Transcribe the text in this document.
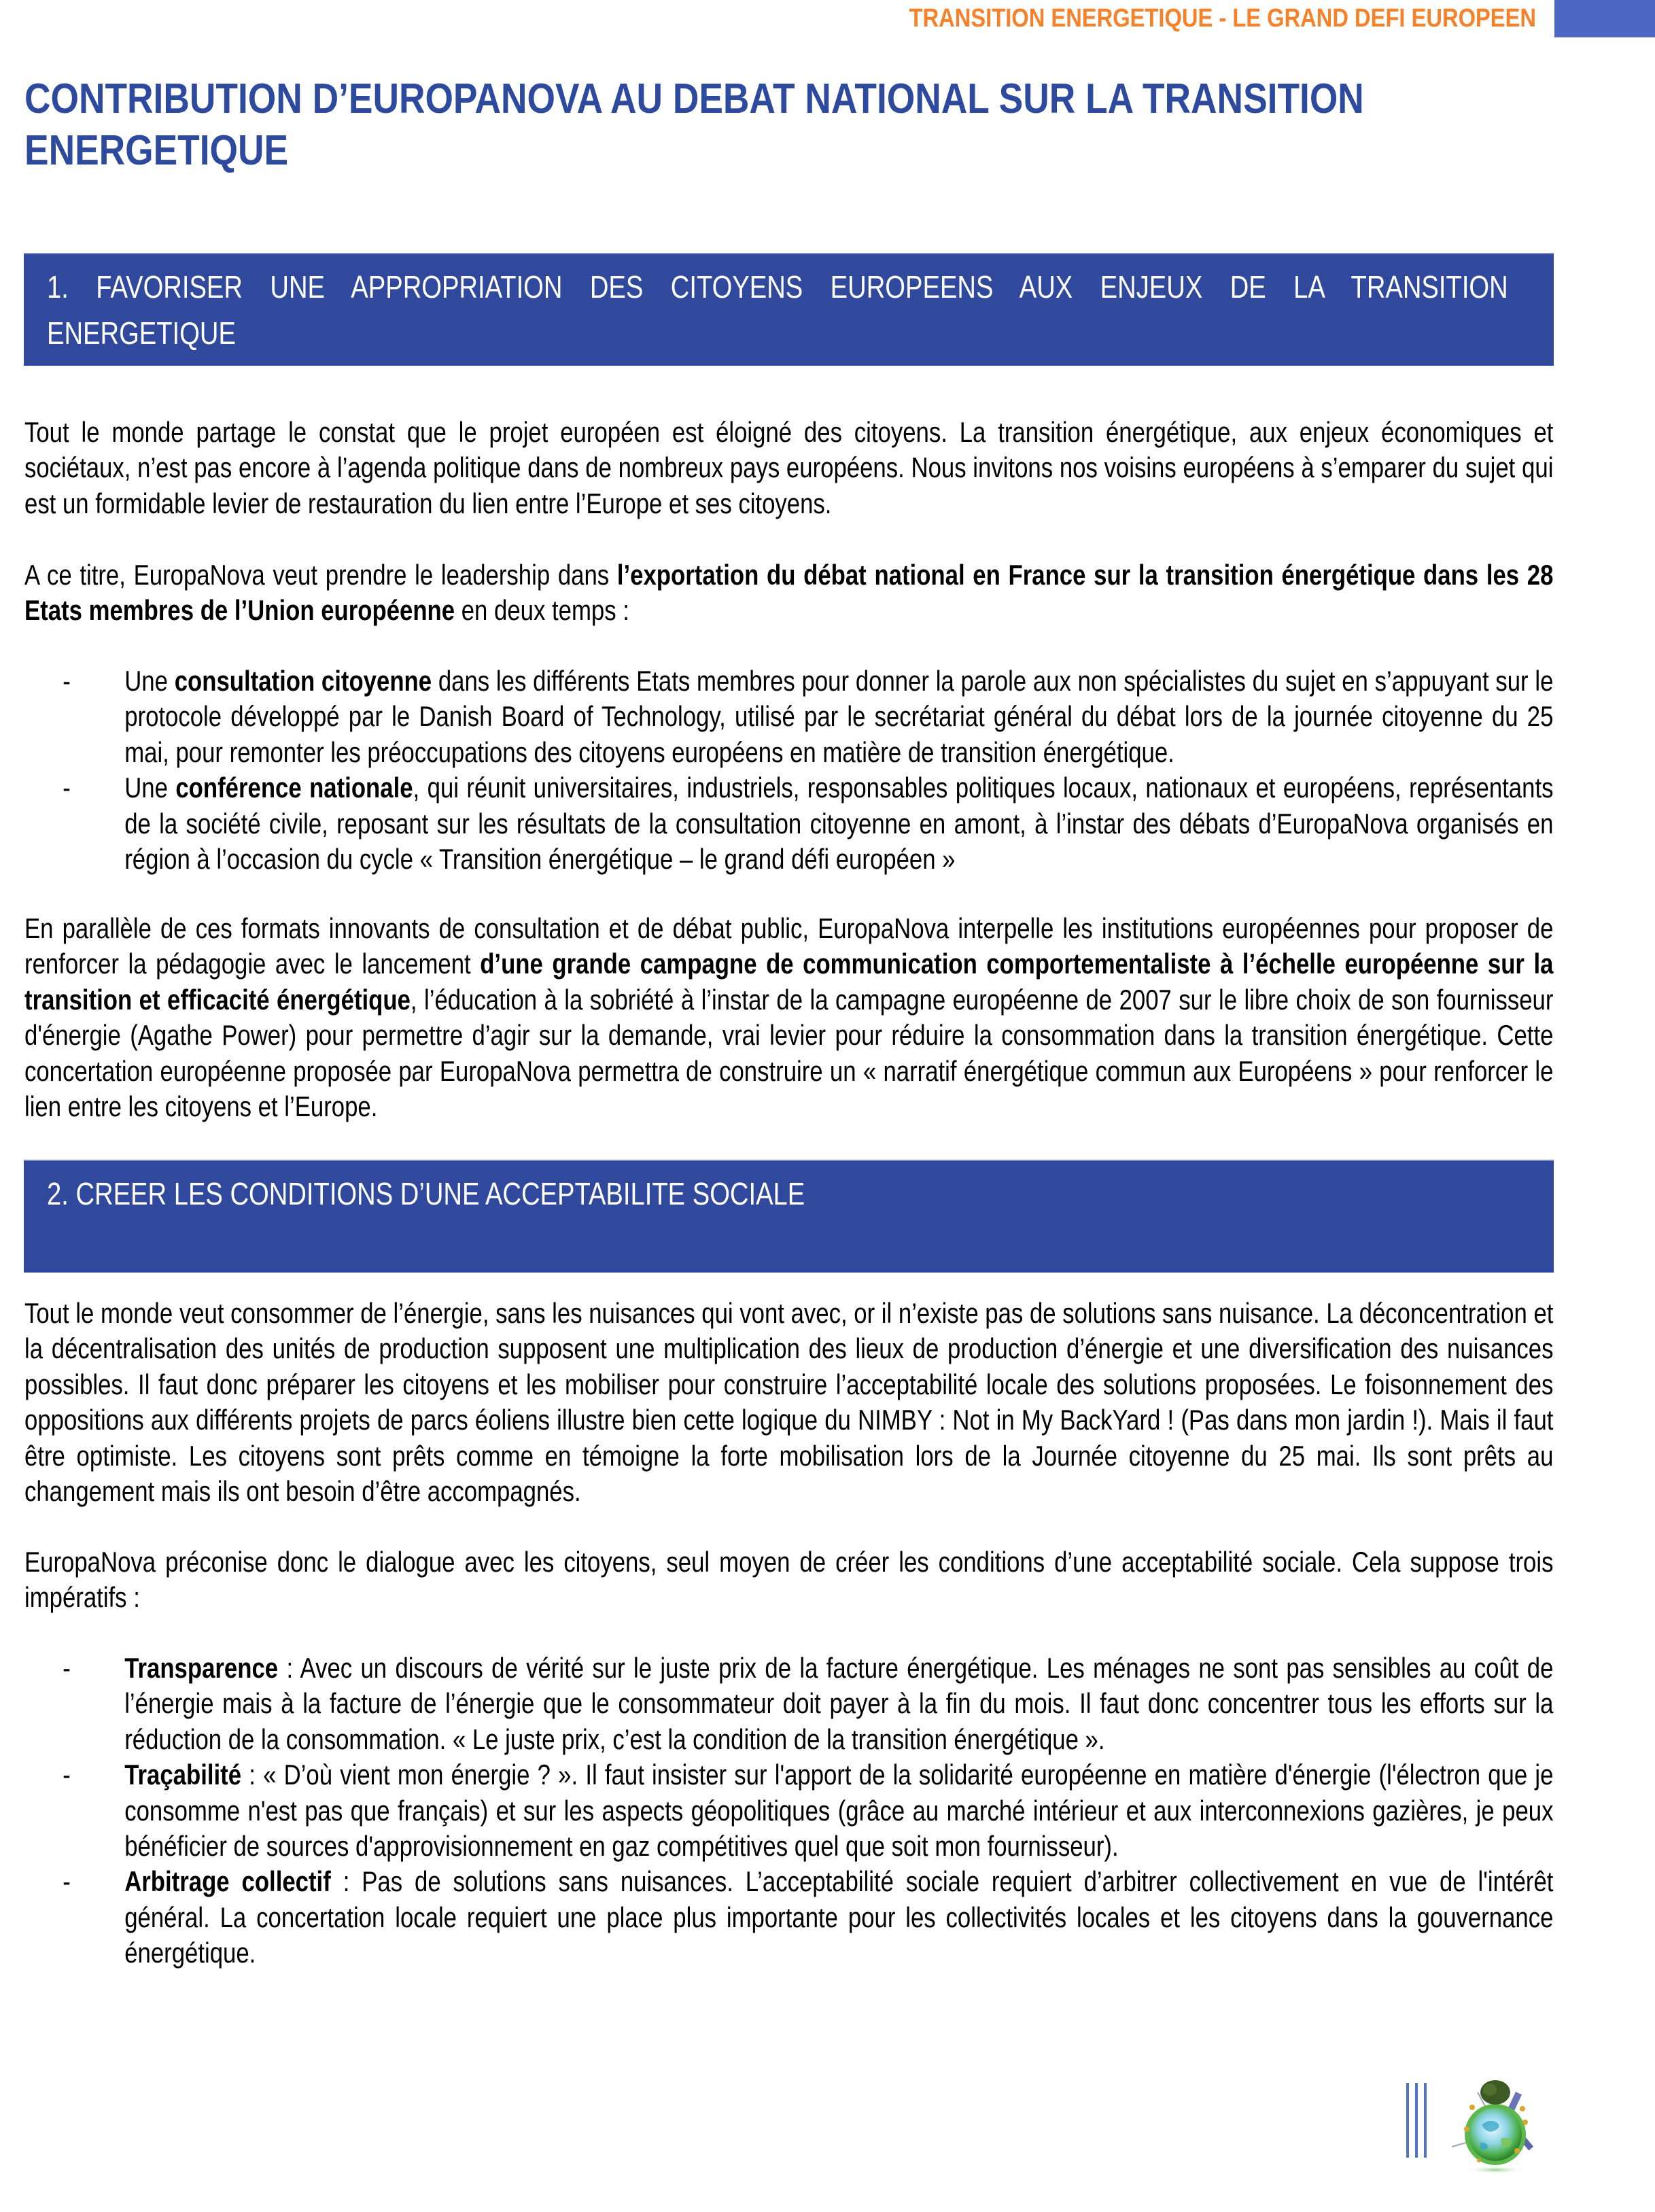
TRANSITION ENERGETIQUE - LE GRAND DEFI EUROPEEN
CONTRIBUTION D’EUROPANOVA AU DEBAT NATIONAL SUR LA TRANSITION ENERGETIQUE
1. FAVORISER UNE APPROPRIATION DES CITOYENS EUROPEENS AUX ENJEUX DE LA TRANSITION
ENERGETIQUE

Tout le monde partage le constat que le projet européen est éloigné des citoyens. La transition énergétique, aux enjeux économiques et sociétaux, n’est pas encore à l’agenda politique dans de nombreux pays européens. Nous invitons nos voisins européens à s’emparer du sujet qui est un formidable levier de restauration du lien entre l’Europe et ses citoyens.

A ce titre, EuropaNova veut prendre le leadership dans l’exportation du débat national en France sur la transition énergétique dans les 28 Etats membres de l’Union européenne en deux temps :

- Une consultation citoyenne dans les différents Etats membres pour donner la parole aux non spécialistes du sujet en s’appuyant sur le protocole développé par le Danish Board of Technology, utilisé par le secrétariat général du débat lors de la journée citoyenne du 25 mai, pour remonter les préoccupations des citoyens européens en matière de transition énergétique.
- Une conférence nationale, qui réunit universitaires, industriels, responsables politiques locaux, nationaux et européens, représentants de la société civile, reposant sur les résultats de la consultation citoyenne en amont, à l’instar des débats d’EuropaNova organisés en région à l’occasion du cycle « Transition énergétique – le grand défi européen »

En parallèle de ces formats innovants de consultation et de débat public, EuropaNova interpelle les institutions européennes pour proposer de renforcer la pédagogie avec le lancement d’une grande campagne de communication comportementaliste à l’échelle européenne sur la transition et efficacité énergétique, l’éducation à la sobriété à l’instar de la campagne européenne de 2007 sur le libre choix de son fournisseur d'énergie (Agathe Power) pour permettre d’agir sur la demande, vrai levier pour réduire la consommation dans la transition énergétique. Cette concertation européenne proposée par EuropaNova permettra de construire un « narratif énergétique commun aux Européens » pour renforcer le lien entre les citoyens et l’Europe.

2. CREER LES CONDITIONS D’UNE ACCEPTABILITE SOCIALE

Tout le monde veut consommer de l’énergie, sans les nuisances qui vont avec, or il n’existe pas de solutions sans nuisance. La déconcentration et la décentralisation des unités de production supposent une multiplication des lieux de production d’énergie et une diversification des nuisances possibles. Il faut donc préparer les citoyens et les mobiliser pour construire l’acceptabilité locale des solutions proposées. Le foisonnement des oppositions aux différents projets de parcs éoliens illustre bien cette logique du NIMBY : Not in My BackYard ! (Pas dans mon jardin !). Mais il faut être optimiste. Les citoyens sont prêts comme en témoigne la forte mobilisation lors de la Journée citoyenne du 25 mai. Ils sont prêts au changement mais ils ont besoin d’être accompagnés.

EuropaNova préconise donc le dialogue avec les citoyens, seul moyen de créer les conditions d’une acceptabilité sociale. Cela suppose trois impératifs :

- Transparence : Avec un discours de vérité sur le juste prix de la facture énergétique. Les ménages ne sont pas sensibles au coût de l’énergie mais à la facture de l’énergie que le consommateur doit payer à la fin du mois. Il faut donc concentrer tous les efforts sur la réduction de la consommation. « Le juste prix, c’est la condition de la transition énergétique ».
- Traçabilité : « D’où vient mon énergie ? ». Il faut insister sur l'apport de la solidarité européenne en matière d'énergie (l'électron que je consomme n'est pas que français) et sur les aspects géopolitiques (grâce au marché intérieur et aux interconnexions gazières, je peux bénéficier de sources d'approvisionnement en gaz compétitives quel que soit mon fournisseur).
- Arbitrage collectif : Pas de solutions sans nuisances. L’acceptabilité sociale requiert d’arbitrer collectivement en vue de l'intérêt général. La concertation locale requiert une place plus importante pour les collectivités locales et les citoyens dans la gouvernance énergétique.
